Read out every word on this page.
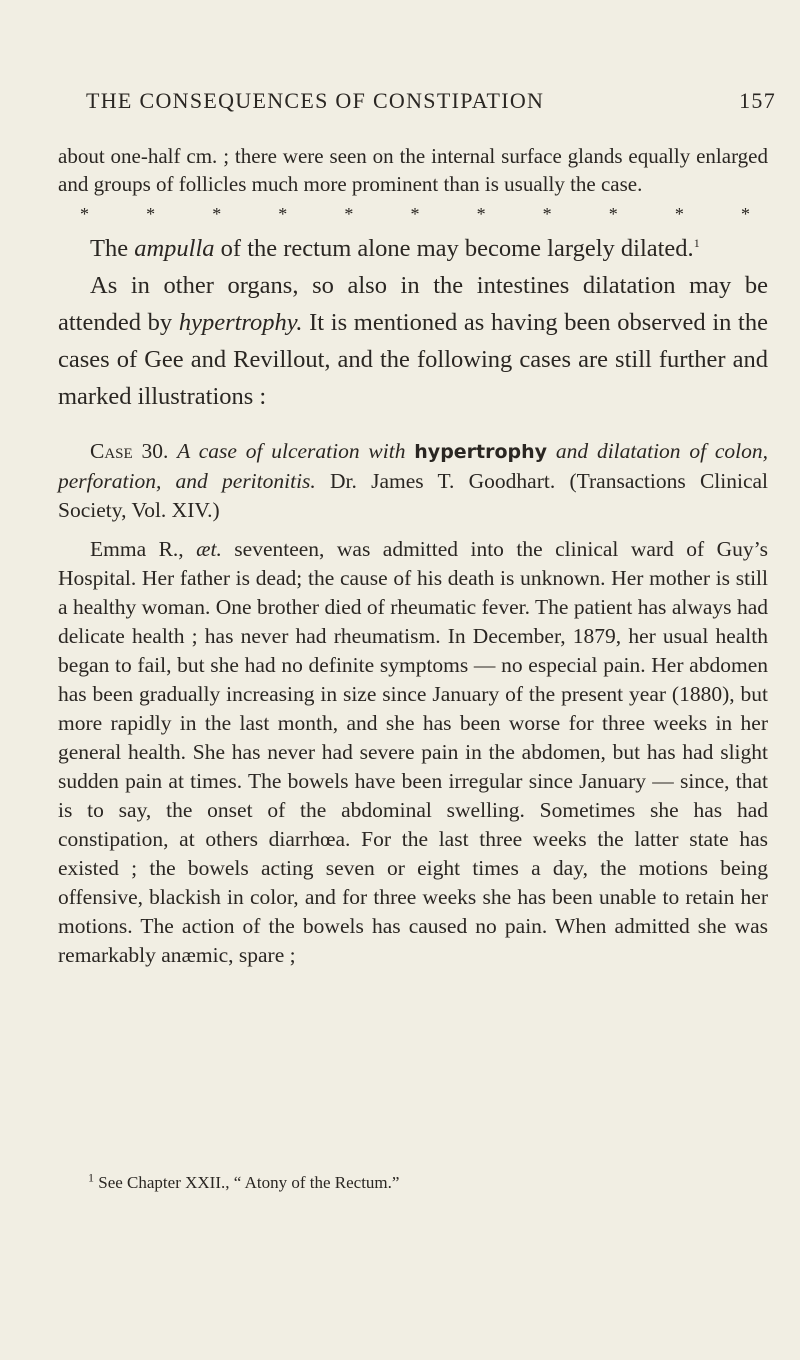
THE CONSEQUENCES OF CONSTIPATION	157

about one-half cm. ; there were seen on the internal surface glands equally enlarged and groups of follicles much more prominent than is usually the case.

*	*	*	*	*	*	*	*	*	*	*

The ampulla of the rectum alone may become largely dilated.$^1$

As in other organs, so also in the intestines dilatation may be attended by hypertrophy. It is mentioned as having been observed in the cases of Gee and Revillout, and the following cases are still further and marked illustrations :

Case 30. A case of ulceration with hypertrophy and dilatation of colon, perforation, and peritonitis. Dr. James T. Goodhart. (Transactions Clinical Society, Vol. XIV.)

Emma R., æt. seventeen, was admitted into the clinical ward of Guy’s Hospital. Her father is dead; the cause of his death is unknown. Her mother is still a healthy woman. One brother died of rheumatic fever. The patient has always had delicate health ; has never had rheumatism. In December, 1879, her usual health began to fail, but she had no definite symptoms — no especial pain. Her abdomen has been gradually increasing in size since January of the present year (1880), but more rapidly in the last month, and she has been worse for three weeks in her general health. She has never had severe pain in the abdomen, but has had slight sudden pain at times. The bowels have been irregular since January — since, that is to say, the onset of the abdominal swelling. Sometimes she has had constipation, at others diarrhœa. For the last three weeks the latter state has existed ; the bowels acting seven or eight times a day, the motions being offensive, blackish in color, and for three weeks she has been unable to retain her motions. The action of the bowels has caused no pain. When admitted she was remarkably anæmic, spare ;

$^1$ See Chapter XXII., “ Atony of the Rectum.”
